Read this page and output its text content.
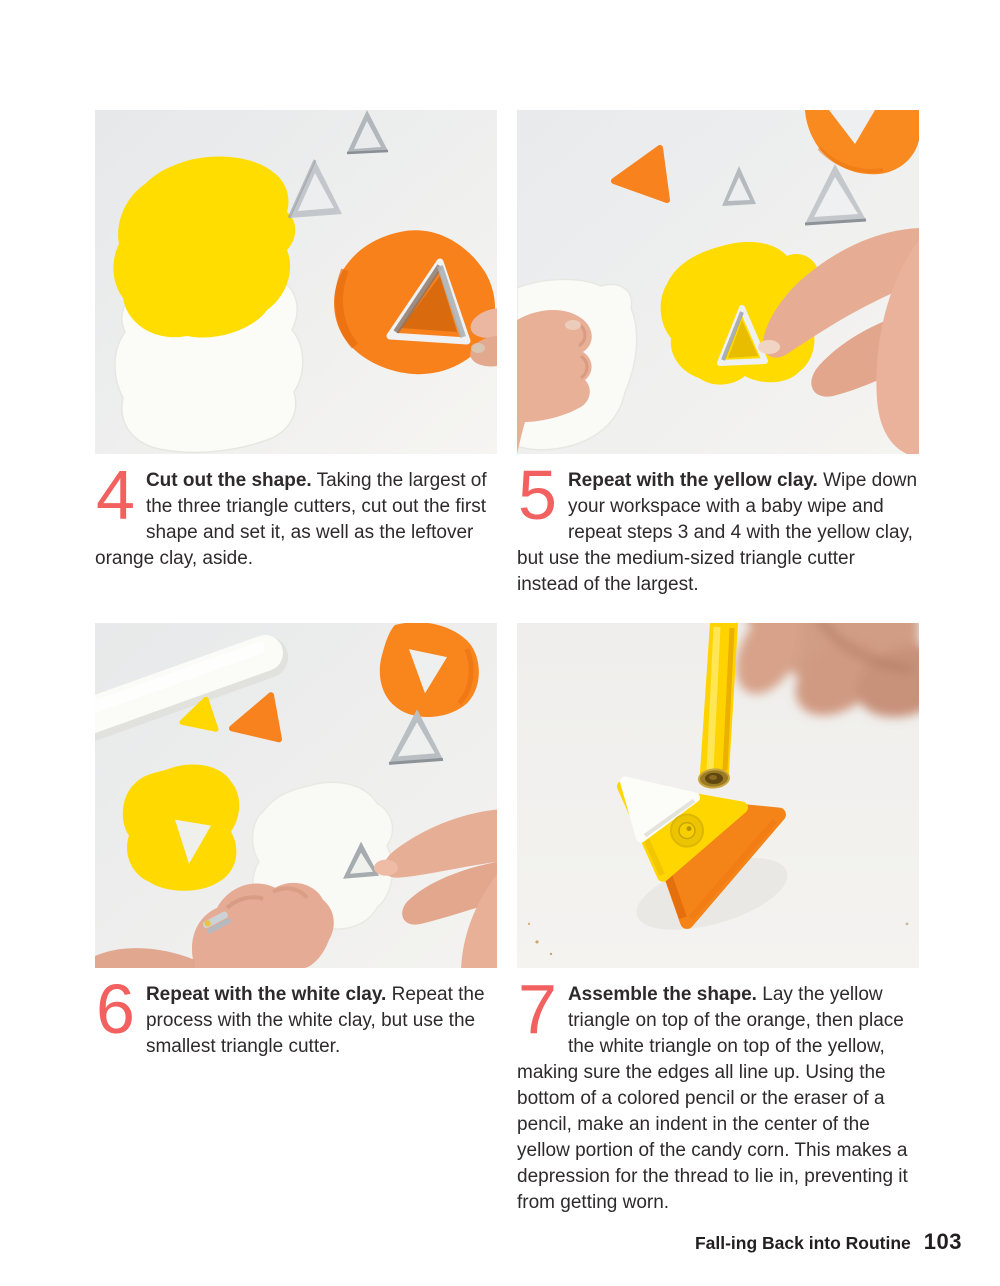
4 Cut out the shape. Taking the largest of the three triangle cutters, cut out the first shape and set it, as well as the leftover orange clay, aside.

5 Repeat with the yellow clay. Wipe down your workspace with a baby wipe and repeat steps 3 and 4 with the yellow clay, but use the medium-sized triangle cutter instead of the largest.

6 Repeat with the white clay. Repeat the process with the white clay, but use the smallest triangle cutter.	7 Assemble the shape. Lay the yellow triangle on top of the orange, then place the white triangle on top of the yellow, making sure the edges all line up. Using the bottom of a colored pencil or the eraser of a pencil, make an indent in the center of the yellow portion of the candy corn. This makes a depression for the thread to lie in, preventing it from getting worn.

Fall-ing Back into Routine 103
